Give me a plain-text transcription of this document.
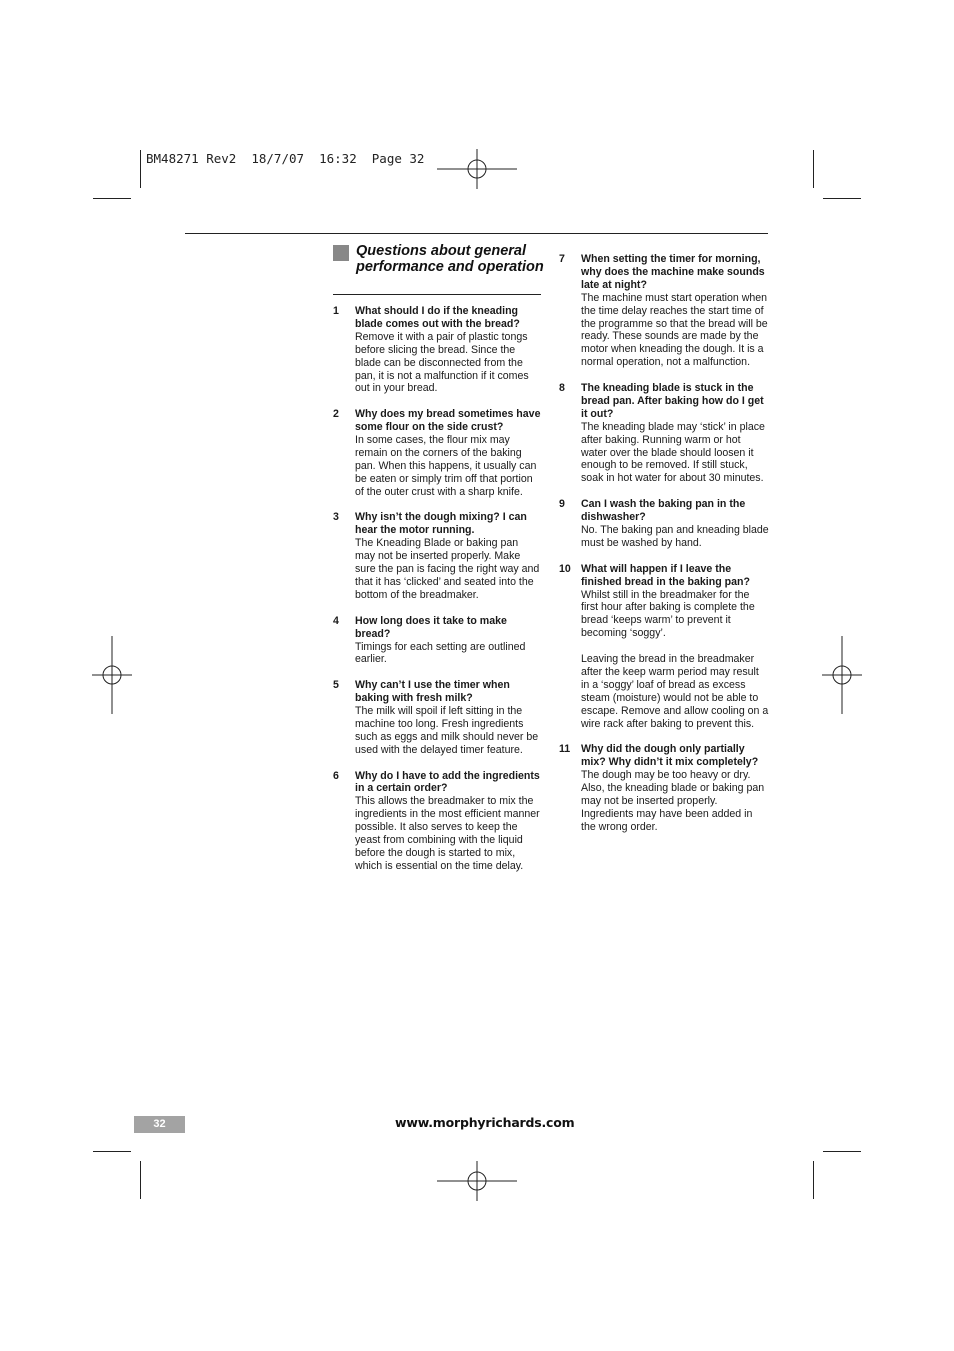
BM48271 Rev2  18/7/07  16:32  Page 32
Questions about general performance and operation
1 What should I do if the kneading blade comes out with the bread?
Remove it with a pair of plastic tongs before slicing the bread. Since the blade can be disconnected from the pan, it is not a malfunction if it comes out in your bread.
2 Why does my bread sometimes have some flour on the side crust?
In some cases, the flour mix may remain on the corners of the baking pan. When this happens, it usually can be eaten or simply trim off that portion of the outer crust with a sharp knife.
3 Why isn’t the dough mixing? I can hear the motor running.
The Kneading Blade or baking pan may not be inserted properly. Make sure the pan is facing the right way and that it has ‘clicked’ and seated into the bottom of the breadmaker.
4 How long does it take to make bread?
Timings for each setting are outlined earlier.
5 Why can’t I use the timer when baking with fresh milk?
The milk will spoil if left sitting in the machine too long. Fresh ingredients such as eggs and milk should never be used with the delayed timer feature.
6 Why do I have to add the ingredients in a certain order?
This allows the breadmaker to mix the ingredients in the most efficient manner possible. It also serves to keep the yeast from combining with the liquid before the dough is started to mix, which is essential on the time delay.
7 When setting the timer for morning, why does the machine make sounds late at night?
The machine must start operation when the time delay reaches the start time of the programme so that the bread will be ready. These sounds are made by the motor when kneading the dough. It is a normal operation, not a malfunction.
8 The kneading blade is stuck in the bread pan. After baking how do I get it out?
The kneading blade may ‘stick’ in place after baking. Running warm or hot water over the blade should loosen it enough to be removed. If still stuck, soak in hot water for about 30 minutes.
9 Can I wash the baking pan in the dishwasher?
No. The baking pan and kneading blade must be washed by hand.
10 What will happen if I leave the finished bread in the baking pan?
Whilst still in the breadmaker for the first hour after baking is complete the bread ‘keeps warm’ to prevent it becoming ‘soggy’.
Leaving the bread in the breadmaker after the keep warm period may result in a ‘soggy’ loaf of bread as excess steam (moisture) would not be able to escape. Remove and allow cooling on a wire rack after baking to prevent this.
11 Why did the dough only partially mix? Why didn’t it mix completely?
The dough may be too heavy or dry. Also, the kneading blade or baking pan may not be inserted properly. Ingredients may have been added in the wrong order.
32	www.morphyrichards.com
